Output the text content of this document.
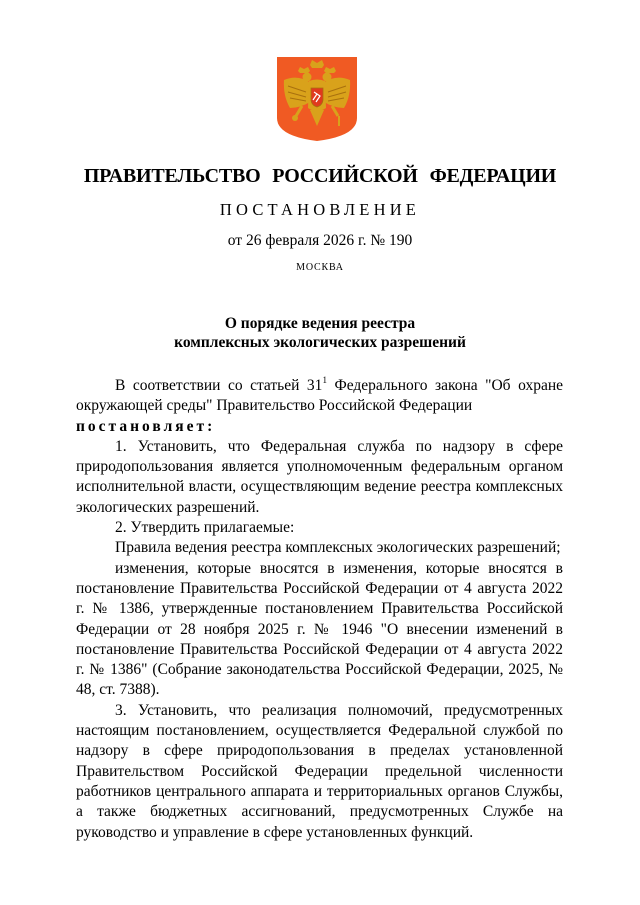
ПРАВИТЕЛЬСТВО РОССИЙСКОЙ ФЕДЕРАЦИИ
ПОСТАНОВЛЕНИЕ
от 26 февраля 2026 г. № 190
МОСКВА
О порядке ведения реестра
комплексных экологических разрешений

В соответствии со статьей $31^1$ Федерального закона "Об охране окружающей среды" Правительство Российской Федерации

постановляет:

1. Установить, что Федеральная служба по надзору в сфере природопользования является уполномоченным федеральным органом исполнительной власти, осуществляющим ведение реестра комплексных экологических разрешений.

2. Утвердить прилагаемые:

Правила ведения реестра комплексных экологических разрешений;

изменения, которые вносятся в изменения, которые вносятся в постановление Правительства Российской Федерации от 4 августа 2022 г. № 1386, утвержденные постановлением Правительства Российской Федерации от 28 ноября 2025 г. № 1946 "О внесении изменений в постановление Правительства Российской Федерации от 4 августа 2022 г. № 1386" (Собрание законодательства Российской Федерации, 2025, № 48, ст. 7388).

3. Установить, что реализация полномочий, предусмотренных настоящим постановлением, осуществляется Федеральной службой по надзору в сфере природопользования в пределах установленной Правительством Российской Федерации предельной численности работников центрального аппарата и территориальных органов Службы, а также бюджетных ассигнований, предусмотренных Службе на руководство и управление в сфере установленных функций.
